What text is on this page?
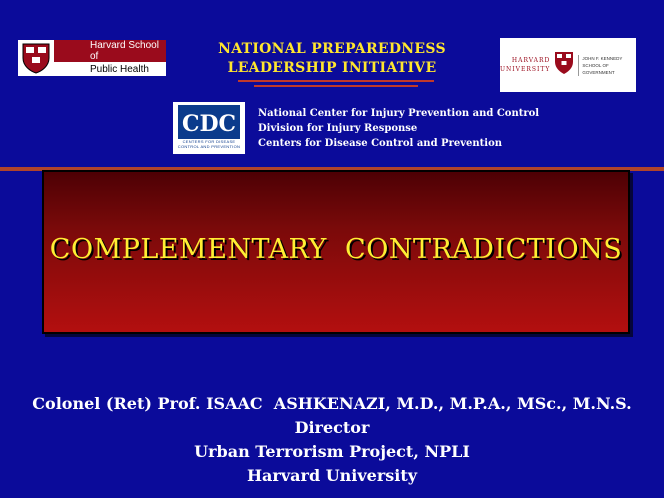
Harvard School of
Public Health
NATIONAL PREPAREDNESS
LEADERSHIP INITIATIVE	HARVARD
UNIVERSITY
JOHN F. KENNEDY
SCHOOL OF GOVERNMENT
CDC
CENTERS FOR DISEASE
CONTROL AND PREVENTION
National Center for Injury Prevention and Control
Division for Injury Response
Centers for Disease Control and Prevention
COMPLEMENTARY  CONTRADICTIONS
Colonel (Ret) Prof. ISAAC  ASHKENAZI, M.D., M.P.A., MSc., M.N.S.
Director
Urban Terrorism Project, NPLI
Harvard University
